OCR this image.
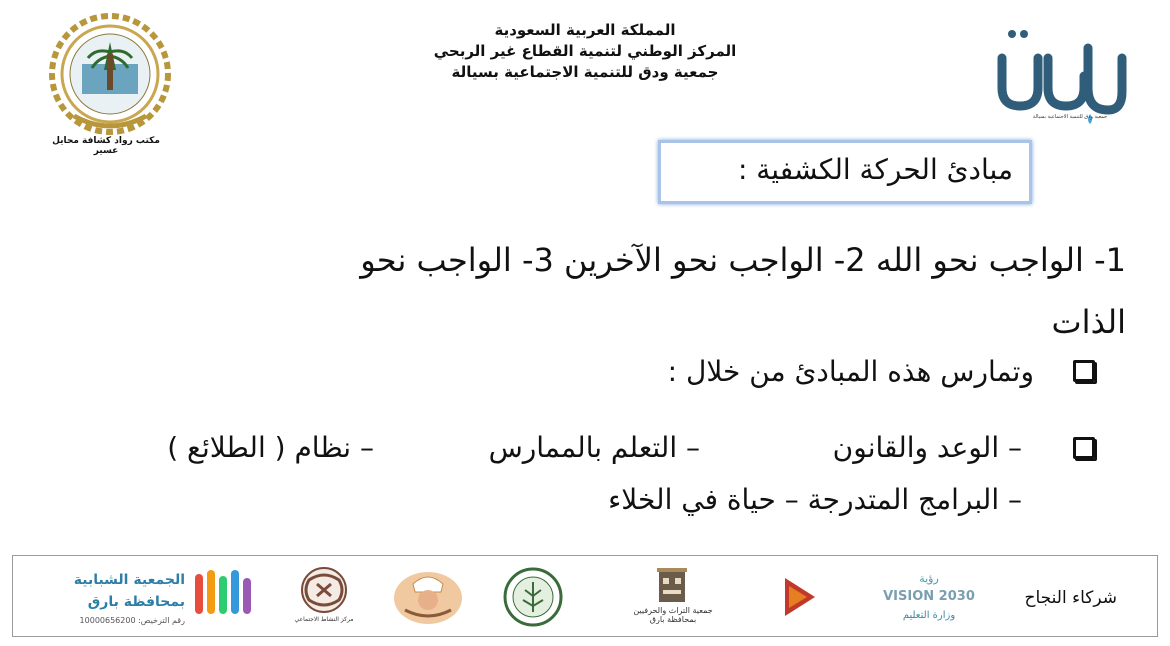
المملكة العربية السعودية
المركز الوطني لتنمية القطاع غير الربحي
جمعية ودق للتنمية الاجتماعية بسيالة
مكتب رواد كشافة محايل عسير
جمعية ودق للتنمية الاجتماعية بسيالة
مبادئ الحركة الكشفية :
1- الواجب نحو الله 2- الواجب نحو الآخرين 3- الواجب نحو
الذات
وتمارس هذه المبادئ من خلال :
– الوعد والقانون
– التعلم بالممارس
– نظام ( الطلائع )
– البرامج المتدرجة – حياة في الخلاء
شركاء النجاح
رؤية
VISION 2030
وزارة التعليم
جمعية التراث والحرفيين بمحافظة بارق
مركز النشاط الاجتماعي
الجمعية الشبابية
بمحافظة بارق
رقم الترخيص: 10000656200
